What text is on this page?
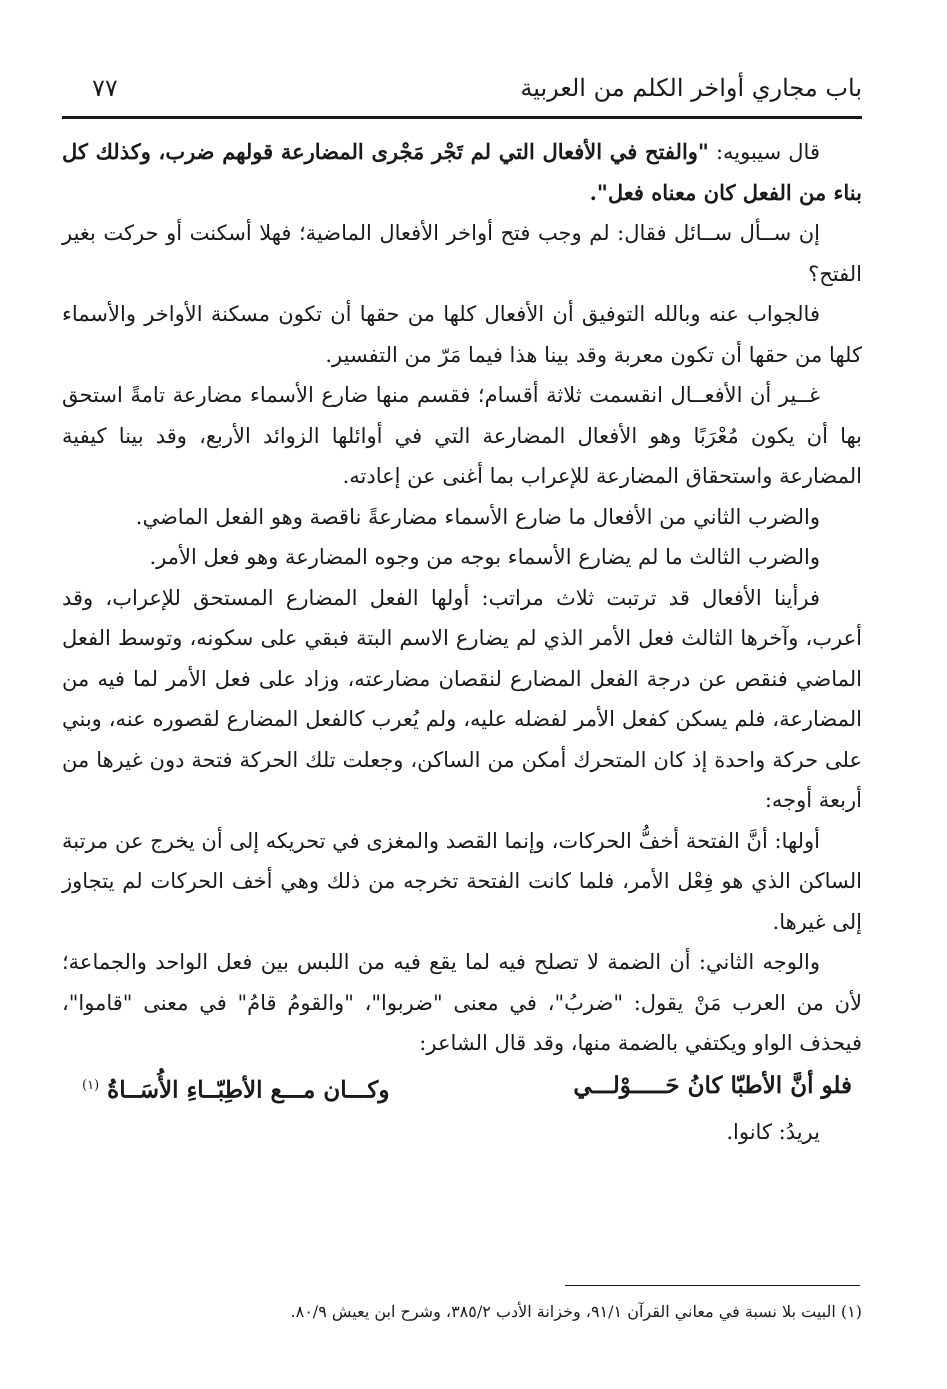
باب مجاري أواخر الكلم من العربية
٧٧

قال سيبويه: "والفتح في الأفعال التي لم تَجْر مَجْرى المضارعة قولهم ضرب، وكذلك كل بناء من الفعل كان معناه فعل".

إن ســأل ســائل فقال: لم وجب فتح أواخر الأفعال الماضية؛ فهلا أسكنت أو حركت بغير الفتح؟

فالجواب عنه وبالله التوفيق أن الأفعال كلها من حقها أن تكون مسكنة الأواخر والأسماء كلها من حقها أن تكون معربة وقد بينا هذا فيما مَرّ من التفسير.

غــير أن الأفعــال انقسمت ثلاثة أقسام؛ فقسم منها ضارع الأسماء مضارعة تامةً استحق بها أن يكون مُعْرَبًا وهو الأفعال المضارعة التي في أوائلها الزوائد الأربع، وقد بينا كيفية المضارعة واستحقاق المضارعة للإعراب بما أغنى عن إعادته.

والضرب الثاني من الأفعال ما ضارع الأسماء مضارعةً ناقصة وهو الفعل الماضي.

والضرب الثالث ما لم يضارع الأسماء بوجه من وجوه المضارعة وهو فعل الأمر.

فرأينا الأفعال قد ترتبت ثلاث مراتب: أولها الفعل المضارع المستحق للإعراب، وقد أعرب، وآخرها الثالث فعل الأمر الذي لم يضارع الاسم البتة فبقي على سكونه، وتوسط الفعل الماضي فنقص عن درجة الفعل المضارع لنقصان مضارعته، وزاد على فعل الأمر لما فيه من المضارعة، فلم يسكن كفعل الأمر لفضله عليه، ولم يُعرب كالفعل المضارع لقصوره عنه، وبني على حركة واحدة إذ كان المتحرك أمكن من الساكن، وجعلت تلك الحركة فتحة دون غيرها من أربعة أوجه:

أولها: أنَّ الفتحة أخفُّ الحركات، وإنما القصد والمغزى في تحريكه إلى أن يخرج عن مرتبة الساكن الذي هو فِعْل الأمر، فلما كانت الفتحة تخرجه من ذلك وهي أخف الحركات لم يتجاوز إلى غيرها.

والوجه الثاني: أن الضمة لا تصلح فيه لما يقع فيه من اللبس بين فعل الواحد والجماعة؛ لأن من العرب مَنْ يقول: "ضربُ"، في معنى "ضربوا"، "والقومُ قامُ" في معنى "قاموا"، فيحذف الواو ويكتفي بالضمة منها، وقد قال الشاعر:

فلو أنَّ الأطبّا كانُ حَـــــوْلـــي
وكـــان مـــع الأطِبّــاءِ الأُسَــاةُ $^{(١)}$

يريدُ: كانوا.

(١) البيت بلا نسبة في معاني القرآن ٩١/١، وخزانة الأدب ٣٨٥/٢، وشرح ابن يعيش ٨٠/٩.
